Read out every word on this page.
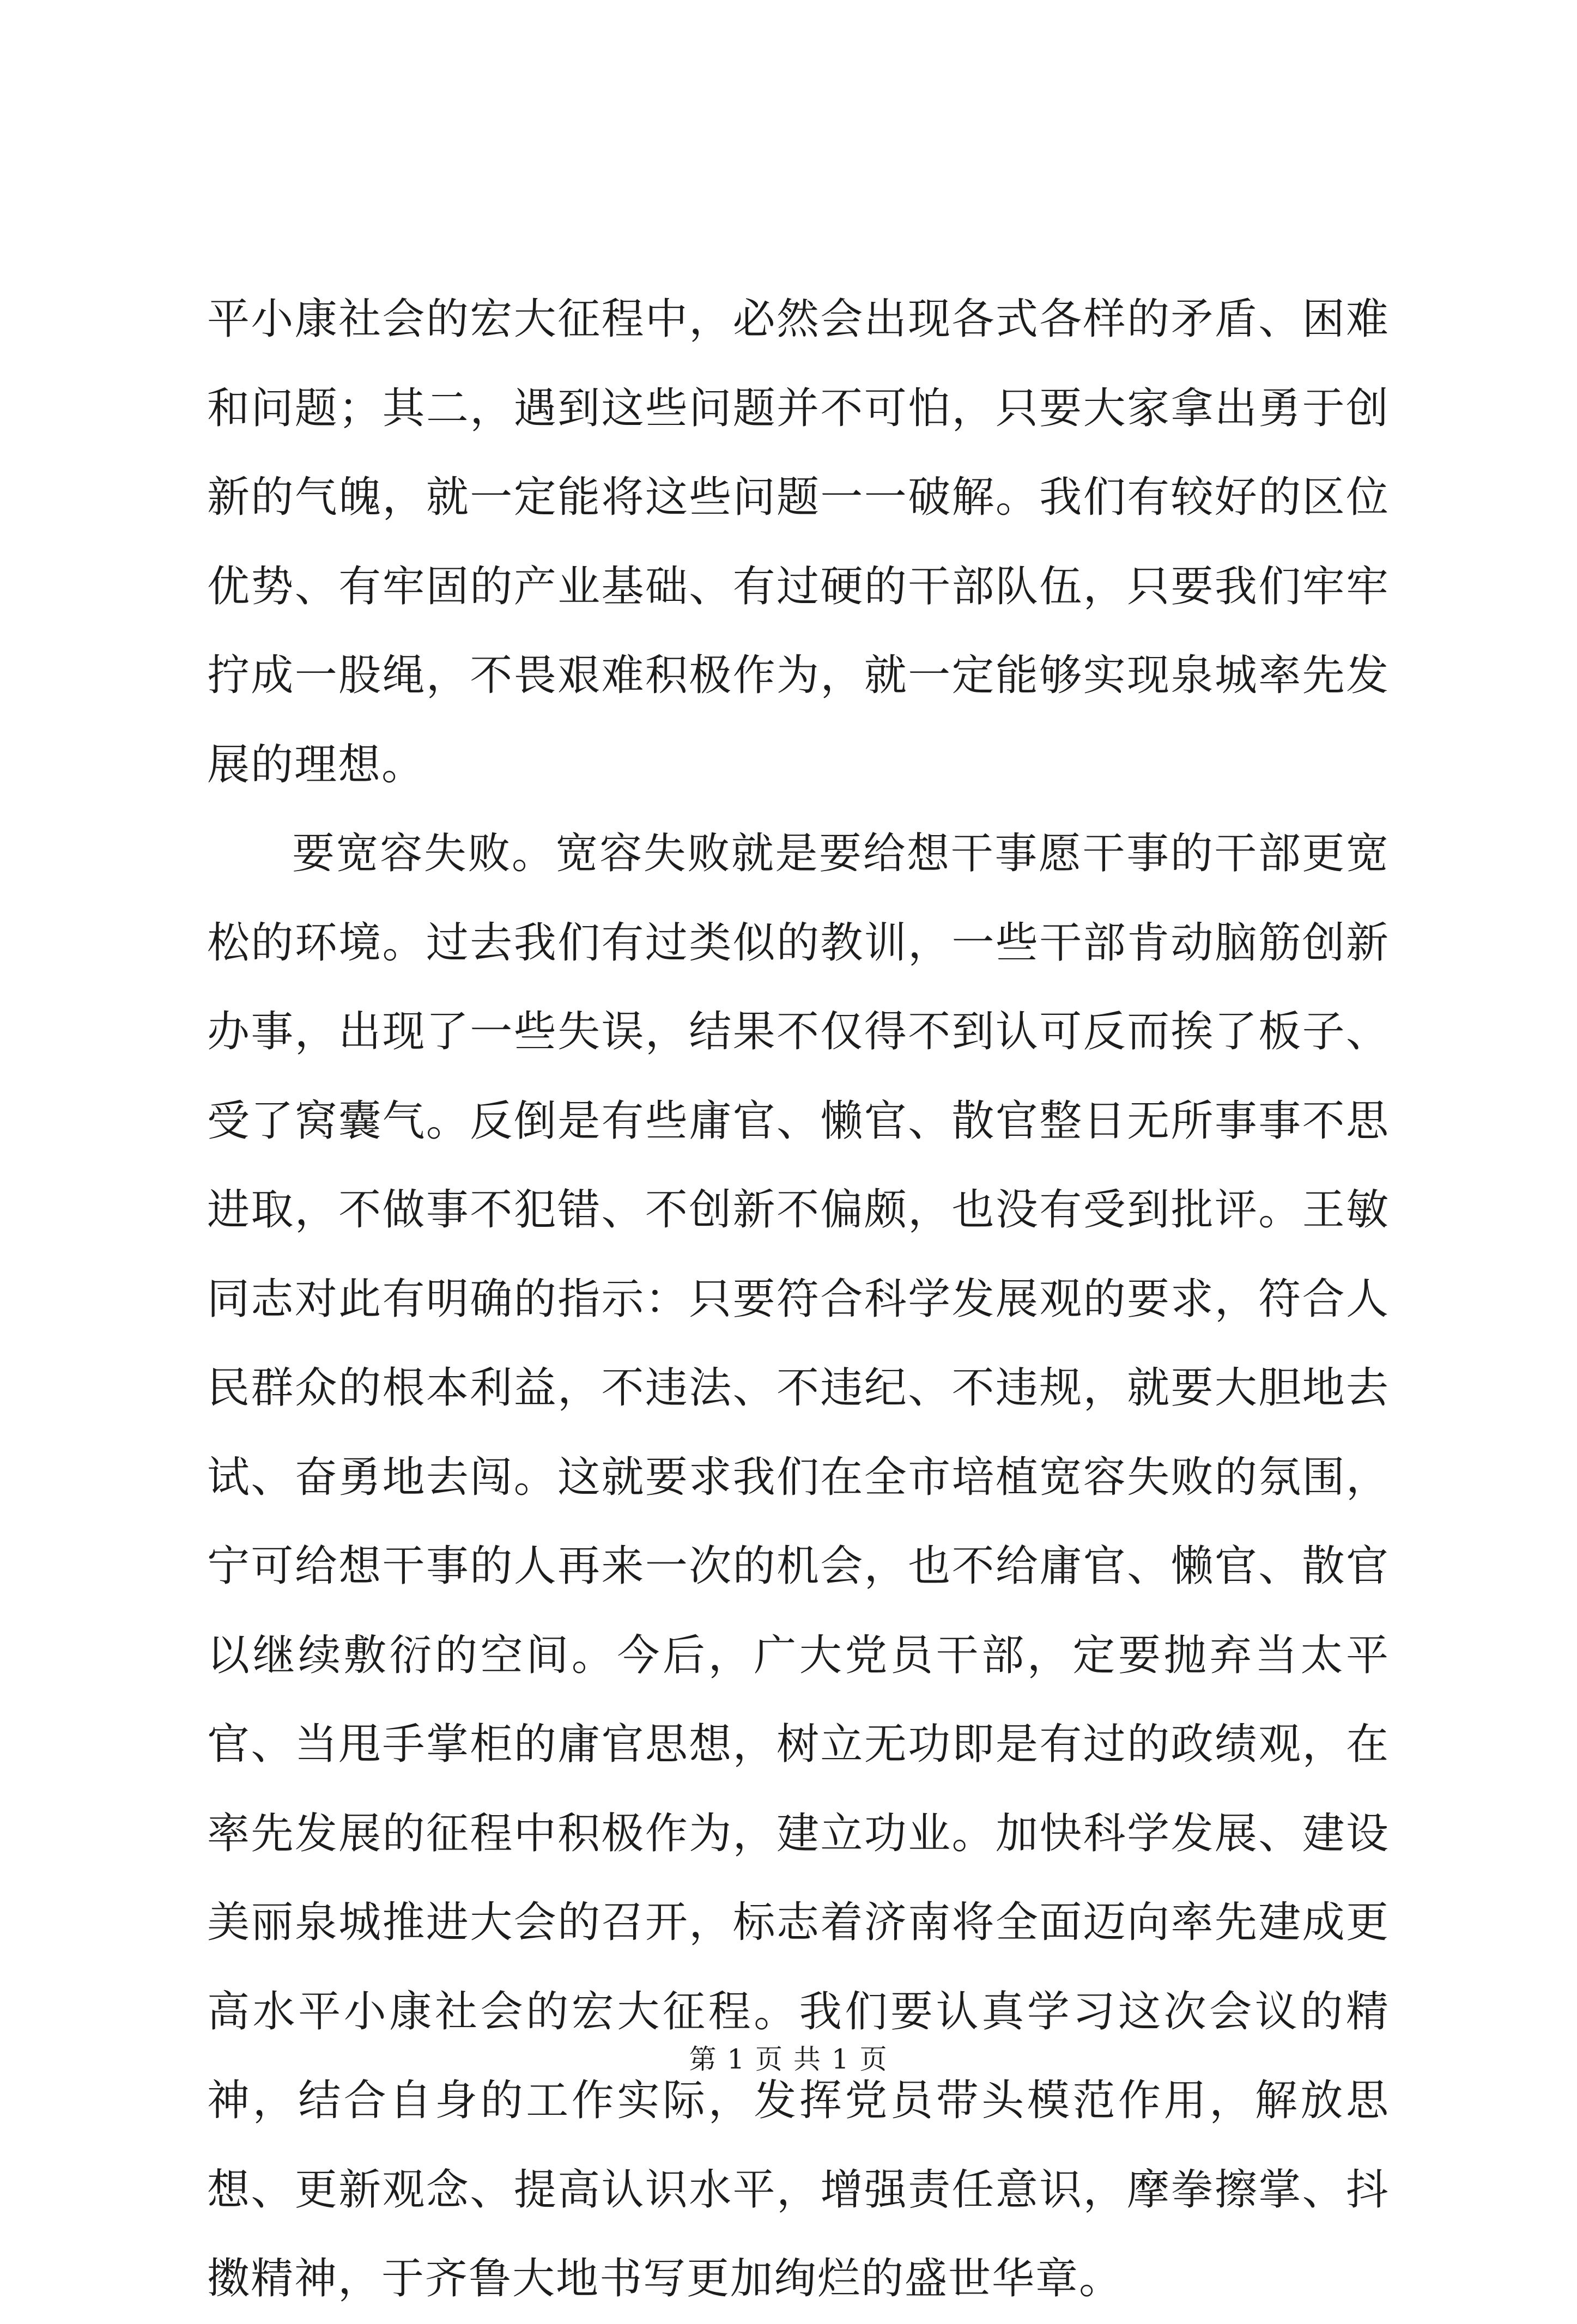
平小康社会的宏大征程中，必然会出现各式各样的矛盾、困难和问题；其二，遇到这些问题并不可怕，只要大家拿出勇于创新的气魄，就一定能将这些问题一一破解。我们有较好的区位优势、有牢固的产业基础、有过硬的干部队伍，只要我们牢牢拧成一股绳，不畏艰难积极作为，就一定能够实现泉城率先发展的理想。

要宽容失败。宽容失败就是要给想干事愿干事的干部更宽松的环境。过去我们有过类似的教训，一些干部肯动脑筋创新办事，出现了一些失误，结果不仅得不到认可反而挨了板子、受了窝囊气。反倒是有些庸官、懒官、散官整日无所事事不思进取，不做事不犯错、不创新不偏颇，也没有受到批评。王敏同志对此有明确的指示：只要符合科学发展观的要求，符合人民群众的根本利益，不违法、不违纪、不违规，就要大胆地去试、奋勇地去闯。这就要求我们在全市培植宽容失败的氛围，宁可给想干事的人再来一次的机会，也不给庸官、懒官、散官以继续敷衍的空间。今后，广大党员干部，定要抛弃当太平官、当甩手掌柜的庸官思想，树立无功即是有过的政绩观，在率先发展的征程中积极作为，建立功业。加快科学发展、建设美丽泉城推进大会的召开，标志着济南将全面迈向率先建成更高水平小康社会的宏大征程。我们要认真学习这次会议的精神，结合自身的工作实际，发挥党员带头模范作用，解放思想、更新观念、提高认识水平，增强责任意识，摩拳擦掌、抖擞精神，于齐鲁大地书写更加绚烂的盛世华章。

第 1 页 共 1 页
